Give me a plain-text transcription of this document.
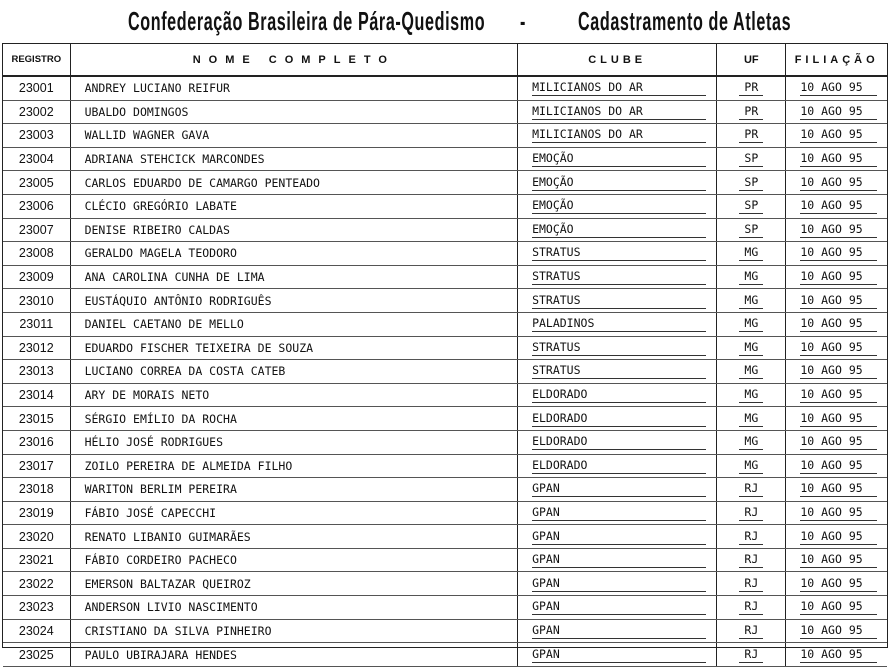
Confederação Brasileira de Pára-Quedismo - Cadastramento de Atletas
REGISTRO	NOME COMPLETO	CLUBE	UF	FILIAÇÃO
23001	ANDREY LUCIANO REIFUR	MILICIANOS DO AR	PR	10 AGO 95

23002	UBALDO DOMINGOS	MILICIANOS DO AR	PR	10 AGO 95

23003	WALLID WAGNER GAVA	MILICIANOS DO AR	PR	10 AGO 95

23004	ADRIANA STEHCICK MARCONDES	EMOÇÃO	SP	10 AGO 95

23005	CARLOS EDUARDO DE CAMARGO PENTEADO	EMOÇÃO	SP	10 AGO 95

23006	CLÉCIO GREGÓRIO LABATE	EMOÇÃO	SP	10 AGO 95

23007	DENISE RIBEIRO CALDAS	EMOÇÃO	SP	10 AGO 95

23008	GERALDO MAGELA TEODORO	STRATUS	MG	10 AGO 95

23009	ANA CAROLINA CUNHA DE LIMA	STRATUS	MG	10 AGO 95

23010	EUSTÁQUIO ANTÔNIO RODRIGUÊS	STRATUS	MG	10 AGO 95

23011	DANIEL CAETANO DE MELLO	PALADINOS	MG	10 AGO 95

23012	EDUARDO FISCHER TEIXEIRA DE SOUZA	STRATUS	MG	10 AGO 95

23013	LUCIANO CORREA DA COSTA CATEB	STRATUS	MG	10 AGO 95

23014	ARY DE MORAIS NETO	ELDORADO	MG	10 AGO 95

23015	SÉRGIO EMÍLIO DA ROCHA	ELDORADO	MG	10 AGO 95

23016	HÉLIO JOSÉ RODRIGUES	ELDORADO	MG	10 AGO 95

23017	ZOILO PEREIRA DE ALMEIDA FILHO	ELDORADO	MG	10 AGO 95

23018	WARITON BERLIM PEREIRA	GPAN	RJ	10 AGO 95

23019	FÁBIO JOSÉ CAPECCHI	GPAN	RJ	10 AGO 95

23020	RENATO LIBANIO GUIMARÃES	GPAN	RJ	10 AGO 95

23021	FÁBIO CORDEIRO PACHECO	GPAN	RJ	10 AGO 95

23022	EMERSON BALTAZAR QUEIROZ	GPAN	RJ	10 AGO 95

23023	ANDERSON LIVIO NASCIMENTO	GPAN	RJ	10 AGO 95

23024	CRISTIANO DA SILVA PINHEIRO	GPAN	RJ	10 AGO 95

23025	PAULO UBIRAJARA HENDES	GPAN	RJ	10 AGO 95
